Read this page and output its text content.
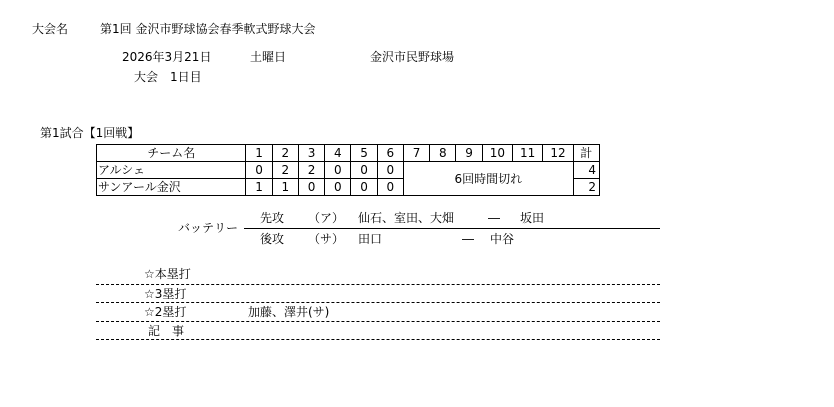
大会名	第1回 金沢市野球協会春季軟式野球大会
2026年3月21日	土曜日	金沢市民野球場
大会　1日目
第1試合【1回戦】
チーム名	1	2	3	4	5	6	7	8	9	10	11	12	計
アルシェ	0	2	2	0	0	0	6回時間切れ						4
サンアール金沢	1	1	0	0	0	0							2
バッテリー
先攻 （ア） 仙石、室田、大畑	― 坂田
後攻 （サ） 田口	― 中谷
☆本塁打
☆3塁打
☆2塁打	加藤、澤井(サ)
記　事
